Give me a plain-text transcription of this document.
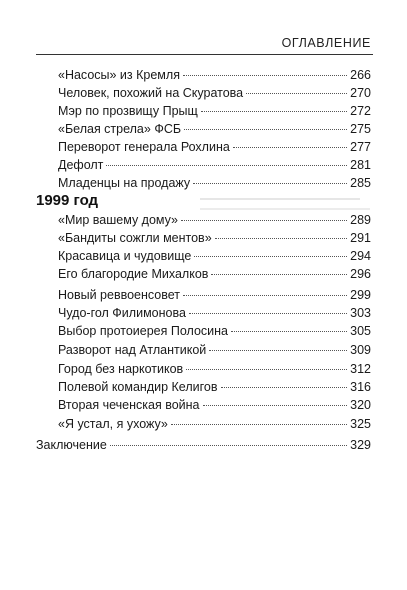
ОГЛАВЛЕНИЕ
«Насосы» из Кремля	266
Человек, похожий на Скуратова	270
Мэр по прозвищу Прыщ	272
«Белая стрела» ФСБ	275
Переворот генерала Рохлина	277
Дефолт	281
Младенцы на продажу	285
1999 год
«Мир вашему дому»	289
«Бандиты сожгли ментов»	291
Красавица и чудовище	294
Его благородие Михалков	296
Новый реввоенсовет	299
Чудо-гол Филимонова	303
Выбор протоиерея Полосина	305
Разворот над Атлантикой	309
Город без наркотиков	312
Полевой командир Келигов	316
Вторая чеченская война	320
«Я устал, я ухожу»	325
Заключение	329
